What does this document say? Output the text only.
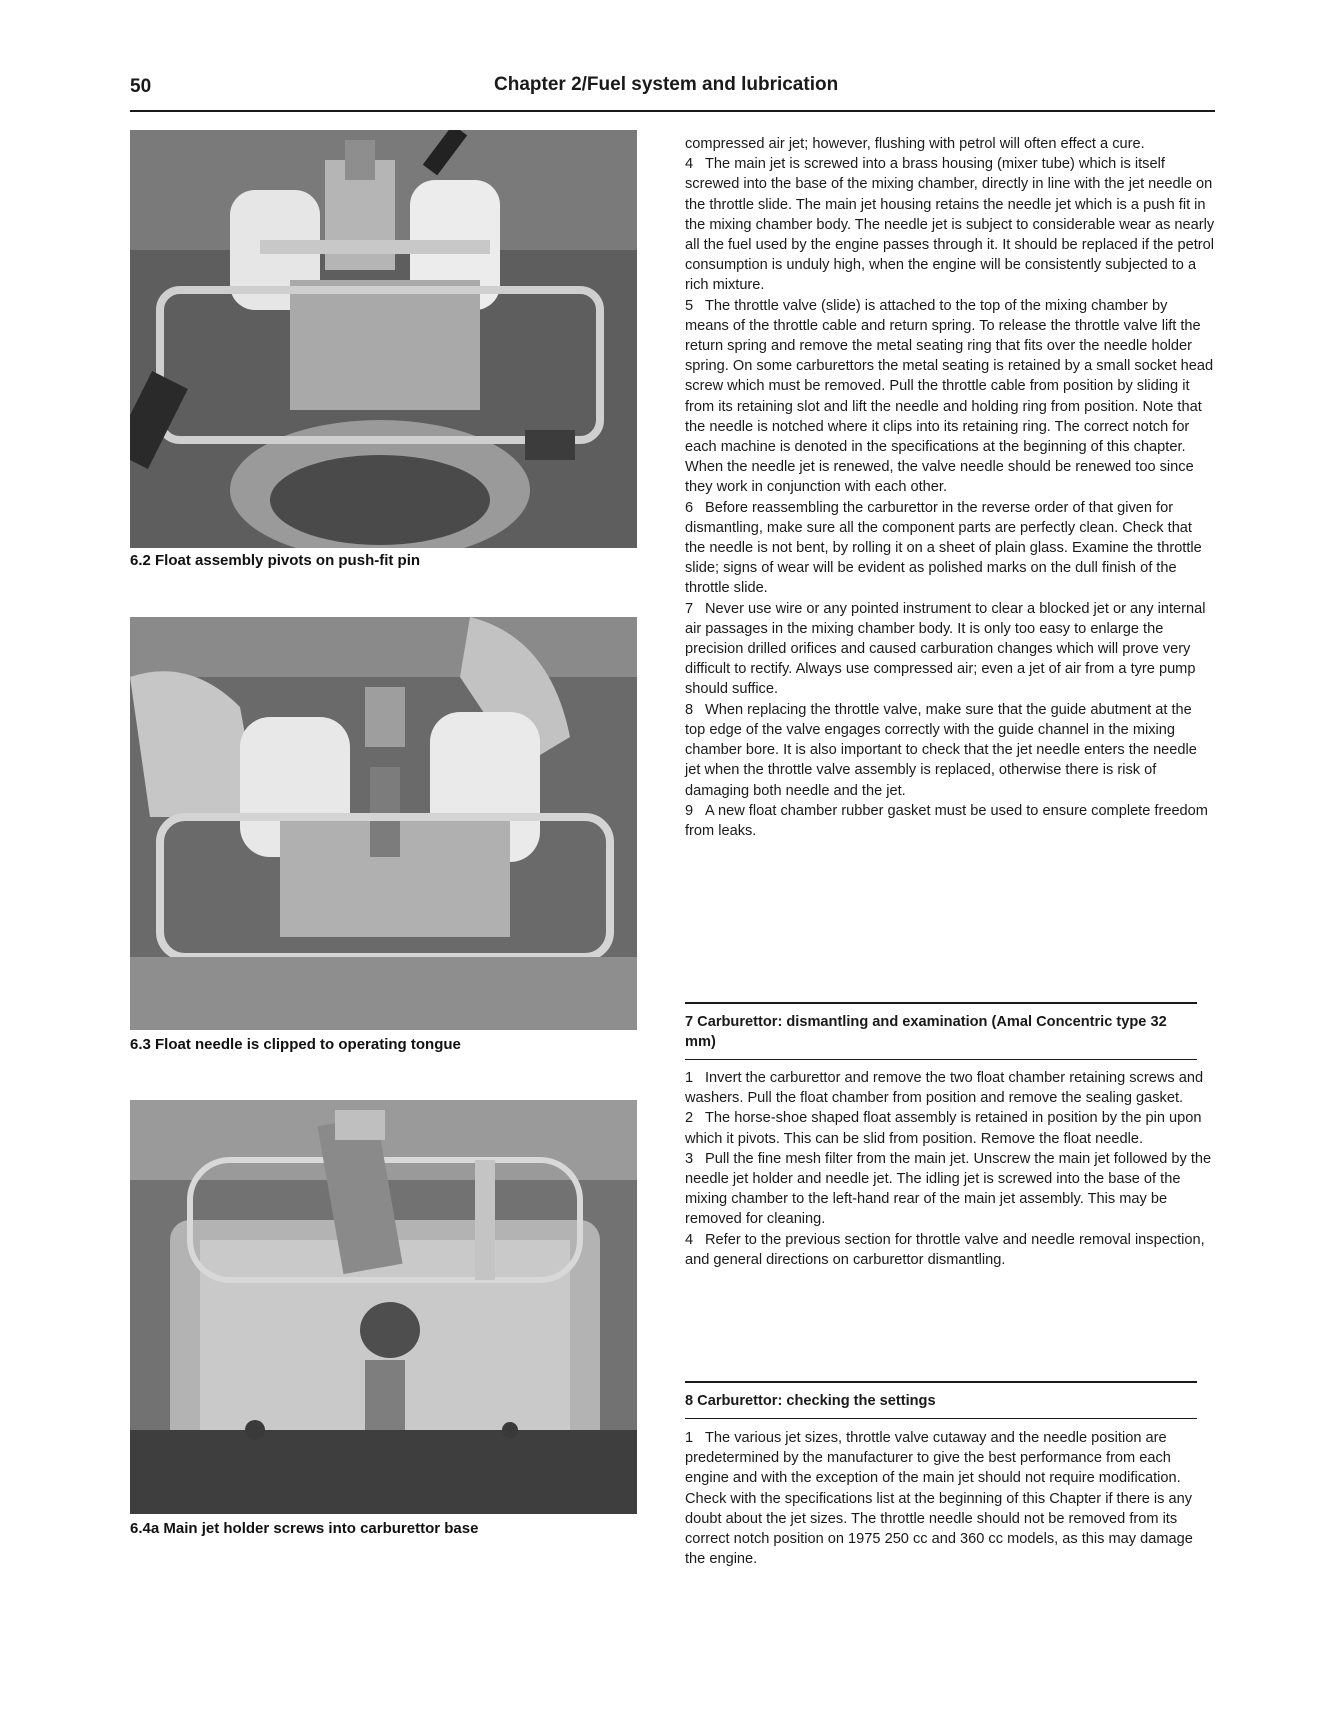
50	Chapter 2/Fuel system and lubrication
6.2 Float assembly pivots on push-fit pin
6.3 Float needle is clipped to operating tongue
6.4a Main jet holder screws into carburettor base

compressed air jet; however, flushing with petrol will often effect a cure.

4 The main jet is screwed into a brass housing (mixer tube) which is itself screwed into the base of the mixing chamber, directly in line with the jet needle on the throttle slide. The main jet housing retains the needle jet which is a push fit in the mixing chamber body. The needle jet is subject to considerable wear as nearly all the fuel used by the engine passes through it. It should be replaced if the petrol consumption is unduly high, when the engine will be consistently subjected to a rich mixture.

5 The throttle valve (slide) is attached to the top of the mixing chamber by means of the throttle cable and return spring. To release the throttle valve lift the return spring and remove the metal seating ring that fits over the needle holder spring. On some carburettors the metal seating is retained by a small socket head screw which must be removed. Pull the throttle cable from position by sliding it from its retaining slot and lift the needle and holding ring from position. Note that the needle is notched where it clips into its retaining ring. The correct notch for each machine is denoted in the specifications at the beginning of this chapter. When the needle jet is renewed, the valve needle should be renewed too since they work in conjunction with each other.

6 Before reassembling the carburettor in the reverse order of that given for dismantling, make sure all the component parts are perfectly clean. Check that the needle is not bent, by rolling it on a sheet of plain glass. Examine the throttle slide; signs of wear will be evident as polished marks on the dull finish of the throttle slide.

7 Never use wire or any pointed instrument to clear a blocked jet or any internal air passages in the mixing chamber body. It is only too easy to enlarge the precision drilled orifices and caused carburation changes which will prove very difficult to rectify. Always use compressed air; even a jet of air from a tyre pump should suffice.

8 When replacing the throttle valve, make sure that the guide abutment at the top edge of the valve engages correctly with the guide channel in the mixing chamber bore. It is also important to check that the jet needle enters the needle jet when the throttle valve assembly is replaced, otherwise there is risk of damaging both needle and the jet.

9 A new float chamber rubber gasket must be used to ensure complete freedom from leaks.

7 Carburettor: dismantling and examination (Amal Concentric type 32 mm)

1 Invert the carburettor and remove the two float chamber retaining screws and washers. Pull the float chamber from position and remove the sealing gasket.

2 The horse-shoe shaped float assembly is retained in position by the pin upon which it pivots. This can be slid from position. Remove the float needle.

3 Pull the fine mesh filter from the main jet. Unscrew the main jet followed by the needle jet holder and needle jet. The idling jet is screwed into the base of the mixing chamber to the left-hand rear of the main jet assembly. This may be removed for cleaning.

4 Refer to the previous section for throttle valve and needle removal inspection, and general directions on carburettor dismantling.

8 Carburettor: checking the settings

1 The various jet sizes, throttle valve cutaway and the needle position are predetermined by the manufacturer to give the best performance from each engine and with the exception of the main jet should not require modification. Check with the specifications list at the beginning of this Chapter if there is any doubt about the jet sizes. The throttle needle should not be removed from its correct notch position on 1975 250 cc and 360 cc models, as this may damage the engine.
